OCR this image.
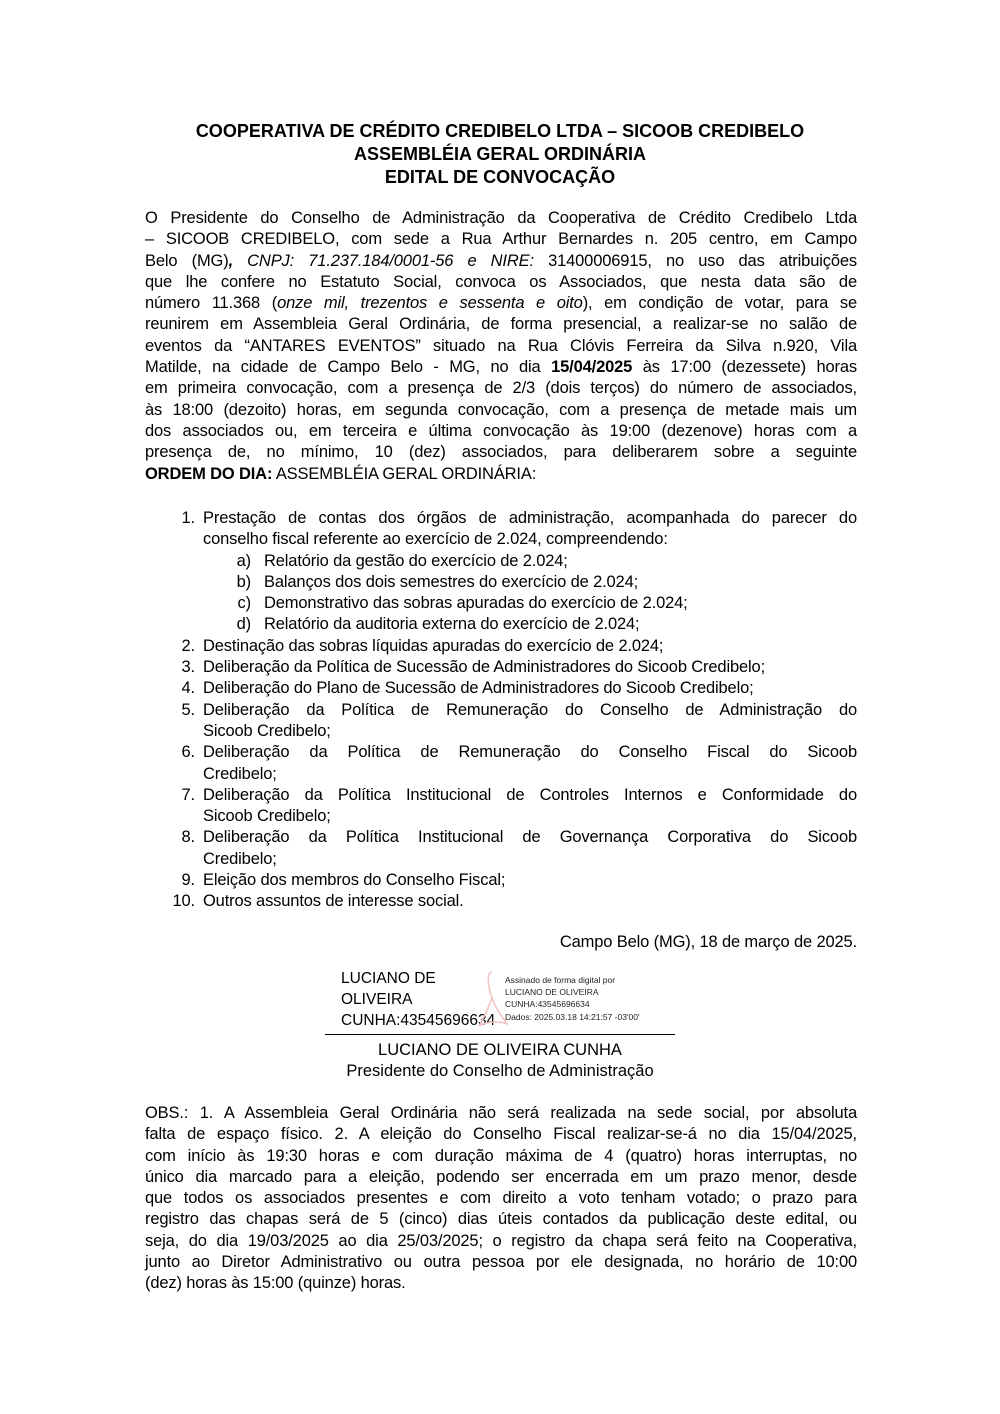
COOPERATIVA DE CRÉDITO CREDIBELO LTDA – SICOOB CREDIBELO
ASSEMBLÉIA GERAL ORDINÁRIA
EDITAL DE CONVOCAÇÃO
O Presidente do Conselho de Administração da Cooperativa de Crédito Credibelo Ltda
– SICOOB CREDIBELO, com sede a Rua Arthur Bernardes n. 205 centro, em Campo
Belo (MG), CNPJ: 71.237.184/0001-56 e NIRE: 31400006915, no uso das atribuições
que lhe confere no Estatuto Social, convoca os Associados, que nesta data são de
número 11.368 (onze mil, trezentos e sessenta e oito), em condição de votar, para se
reunirem em Assembleia Geral Ordinária, de forma presencial, a realizar-se no salão de
eventos da “ANTARES EVENTOS” situado na Rua Clóvis Ferreira da Silva n.920, Vila
Matilde, na cidade de Campo Belo - MG, no dia 15/04/2025 às 17:00 (dezessete) horas
em primeira convocação, com a presença de 2/3 (dois terços) do número de associados,
às 18:00 (dezoito) horas, em segunda convocação, com a presença de metade mais um
dos associados ou, em terceira e última convocação às 19:00 (dezenove) horas com a
presença de, no mínimo, 10 (dez) associados, para deliberarem sobre a seguinte
ORDEM DO DIA: ASSEMBLÉIA GERAL ORDINÁRIA:
1. Prestação de contas dos órgãos de administração, acompanhada do parecer do
conselho fiscal referente ao exercício de 2.024, compreendendo:
a) Relatório da gestão do exercício de 2.024;
b) Balanços dos dois semestres do exercício de 2.024;
c) Demonstrativo das sobras apuradas do exercício de 2.024;
d) Relatório da auditoria externa do exercício de 2.024;
2. Destinação das sobras líquidas apuradas do exercício de 2.024;
3. Deliberação da Política de Sucessão de Administradores do Sicoob Credibelo;
4. Deliberação do Plano de Sucessão de Administradores do Sicoob Credibelo;
5. Deliberação da Política de Remuneração do Conselho de Administração do
Sicoob Credibelo;
6. Deliberação da Política de Remuneração do Conselho Fiscal do Sicoob
Credibelo;
7. Deliberação da Política Institucional de Controles Internos e Conformidade do
Sicoob Credibelo;
8. Deliberação da Política Institucional de Governança Corporativa do Sicoob
Credibelo;
9. Eleição dos membros do Conselho Fiscal;
10. Outros assuntos de interesse social.
Campo Belo (MG), 18 de março de 2025.
LUCIANO DE
OLIVEIRA
CUNHA:43545696634
Assinado de forma digital por
LUCIANO DE OLIVEIRA
CUNHA:43545696634
Dados: 2025.03.18 14:21:57 -03'00'
LUCIANO DE OLIVEIRA CUNHA
Presidente do Conselho de Administração
OBS.: 1. A Assembleia Geral Ordinária não será realizada na sede social, por absoluta
falta de espaço físico. 2. A eleição do Conselho Fiscal realizar-se-á no dia 15/04/2025,
com início às 19:30 horas e com duração máxima de 4 (quatro) horas interruptas, no
único dia marcado para a eleição, podendo ser encerrada em um prazo menor, desde
que todos os associados presentes e com direito a voto tenham votado; o prazo para
registro das chapas será de 5 (cinco) dias úteis contados da publicação deste edital, ou
seja, do dia 19/03/2025 ao dia 25/03/2025; o registro da chapa será feito na Cooperativa,
junto ao Diretor Administrativo ou outra pessoa por ele designada, no horário de 10:00
(dez) horas às 15:00 (quinze) horas.
